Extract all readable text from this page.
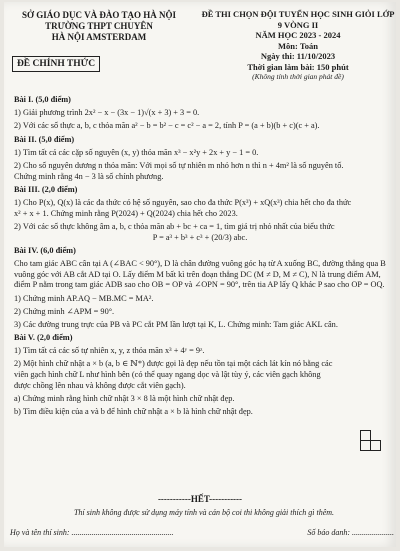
SỞ GIÁO DỤC VÀ ĐÀO TẠO HÀ NỘI
TRƯỜNG THPT CHUYÊN
HÀ NỘI AMSTERDAM
ĐỀ THI CHỌN ĐỘI TUYỂN HỌC SINH GIỎI LỚP 9 VÒNG II
NĂM HỌC 2023 - 2024
Môn: Toán
Ngày thi: 11/10/2023
Thời gian làm bài: 150 phút
(Không tính thời gian phát đề)
ĐỀ CHÍNH THỨC

Bài I. (5,0 điểm)

1) Giải phương trình 2x² − x − (3x − 1)√(x + 3) + 3 = 0.

2) Với các số thực a, b, c thỏa mãn a² − b = b² − c = c² − a = 2, tính P = (a + b)(b + c)(c + a).

Bài II. (5,0 điểm)

1) Tìm tất cả các cặp số nguyên (x, y) thỏa mãn x³ − x²y + 2x + y − 1 = 0.

2) Cho số nguyên dương n thỏa mãn: Với mọi số tự nhiên m nhỏ hơn n thì n + 4m² là số nguyên tố.

Chứng minh rằng 4n − 3 là số chính phương.

Bài III. (2,0 điểm)

1) Cho P(x), Q(x) là các đa thức có hệ số nguyên, sao cho đa thức P(x³) + xQ(x³) chia hết cho đa thức

x² + x + 1. Chứng minh rằng P(2024) + Q(2024) chia hết cho 2023.

2) Với các số thực không âm a, b, c thỏa mãn ab + bc + ca = 1, tìm giá trị nhỏ nhất của biểu thức

P = a³ + b³ + c³ + (20/3) abc.

Bài IV. (6,0 điểm)

Cho tam giác ABC cân tại A (∠BAC < 90°), D là chân đường vuông góc hạ từ A xuống BC, đường thẳng qua B vuông góc với AB cắt AD tại O. Lấy điểm M bất kì trên đoạn thẳng DC (M ≠ D, M ≠ C), N là trung điểm AM, điểm P nằm trong tam giác ADB sao cho OB = OP và ∠OPN = 90°, trên tia AP lấy Q khác P sao cho OP = OQ.

1) Chứng minh AP.AQ − MB.MC = MA².

2) Chứng minh ∠APM = 90°.

3) Các đường trung trực của PB và PC cắt PM lần lượt tại K, L. Chứng minh: Tam giác AKL cân.

Bài V. (2,0 điểm)

1) Tìm tất cả các số tự nhiên x, y, z thỏa mãn x³ + 4ʸ = 9ᶻ.

2) Một hình chữ nhật a × b (a, b ∈ ℕ*) được gọi là đẹp nếu tồn tại một cách lát kín nó bằng các viên gạch hình chữ L như hình bên (có thể quay ngang dọc và lật tùy ý, các viên gạch không được chồng lên nhau và không được cắt viên gạch).

a) Chứng minh rằng hình chữ nhật 3 × 8 là một hình chữ nhật đẹp.

b) Tìm điều kiện của a và b để hình chữ nhật a × b là hình chữ nhật đẹp.

-----------HẾT-----------
Thí sinh không được sử dụng máy tính và cán bộ coi thi không giải thích gì thêm.
Họ và tên thí sinh: ...................................................	Số báo danh: .....................
